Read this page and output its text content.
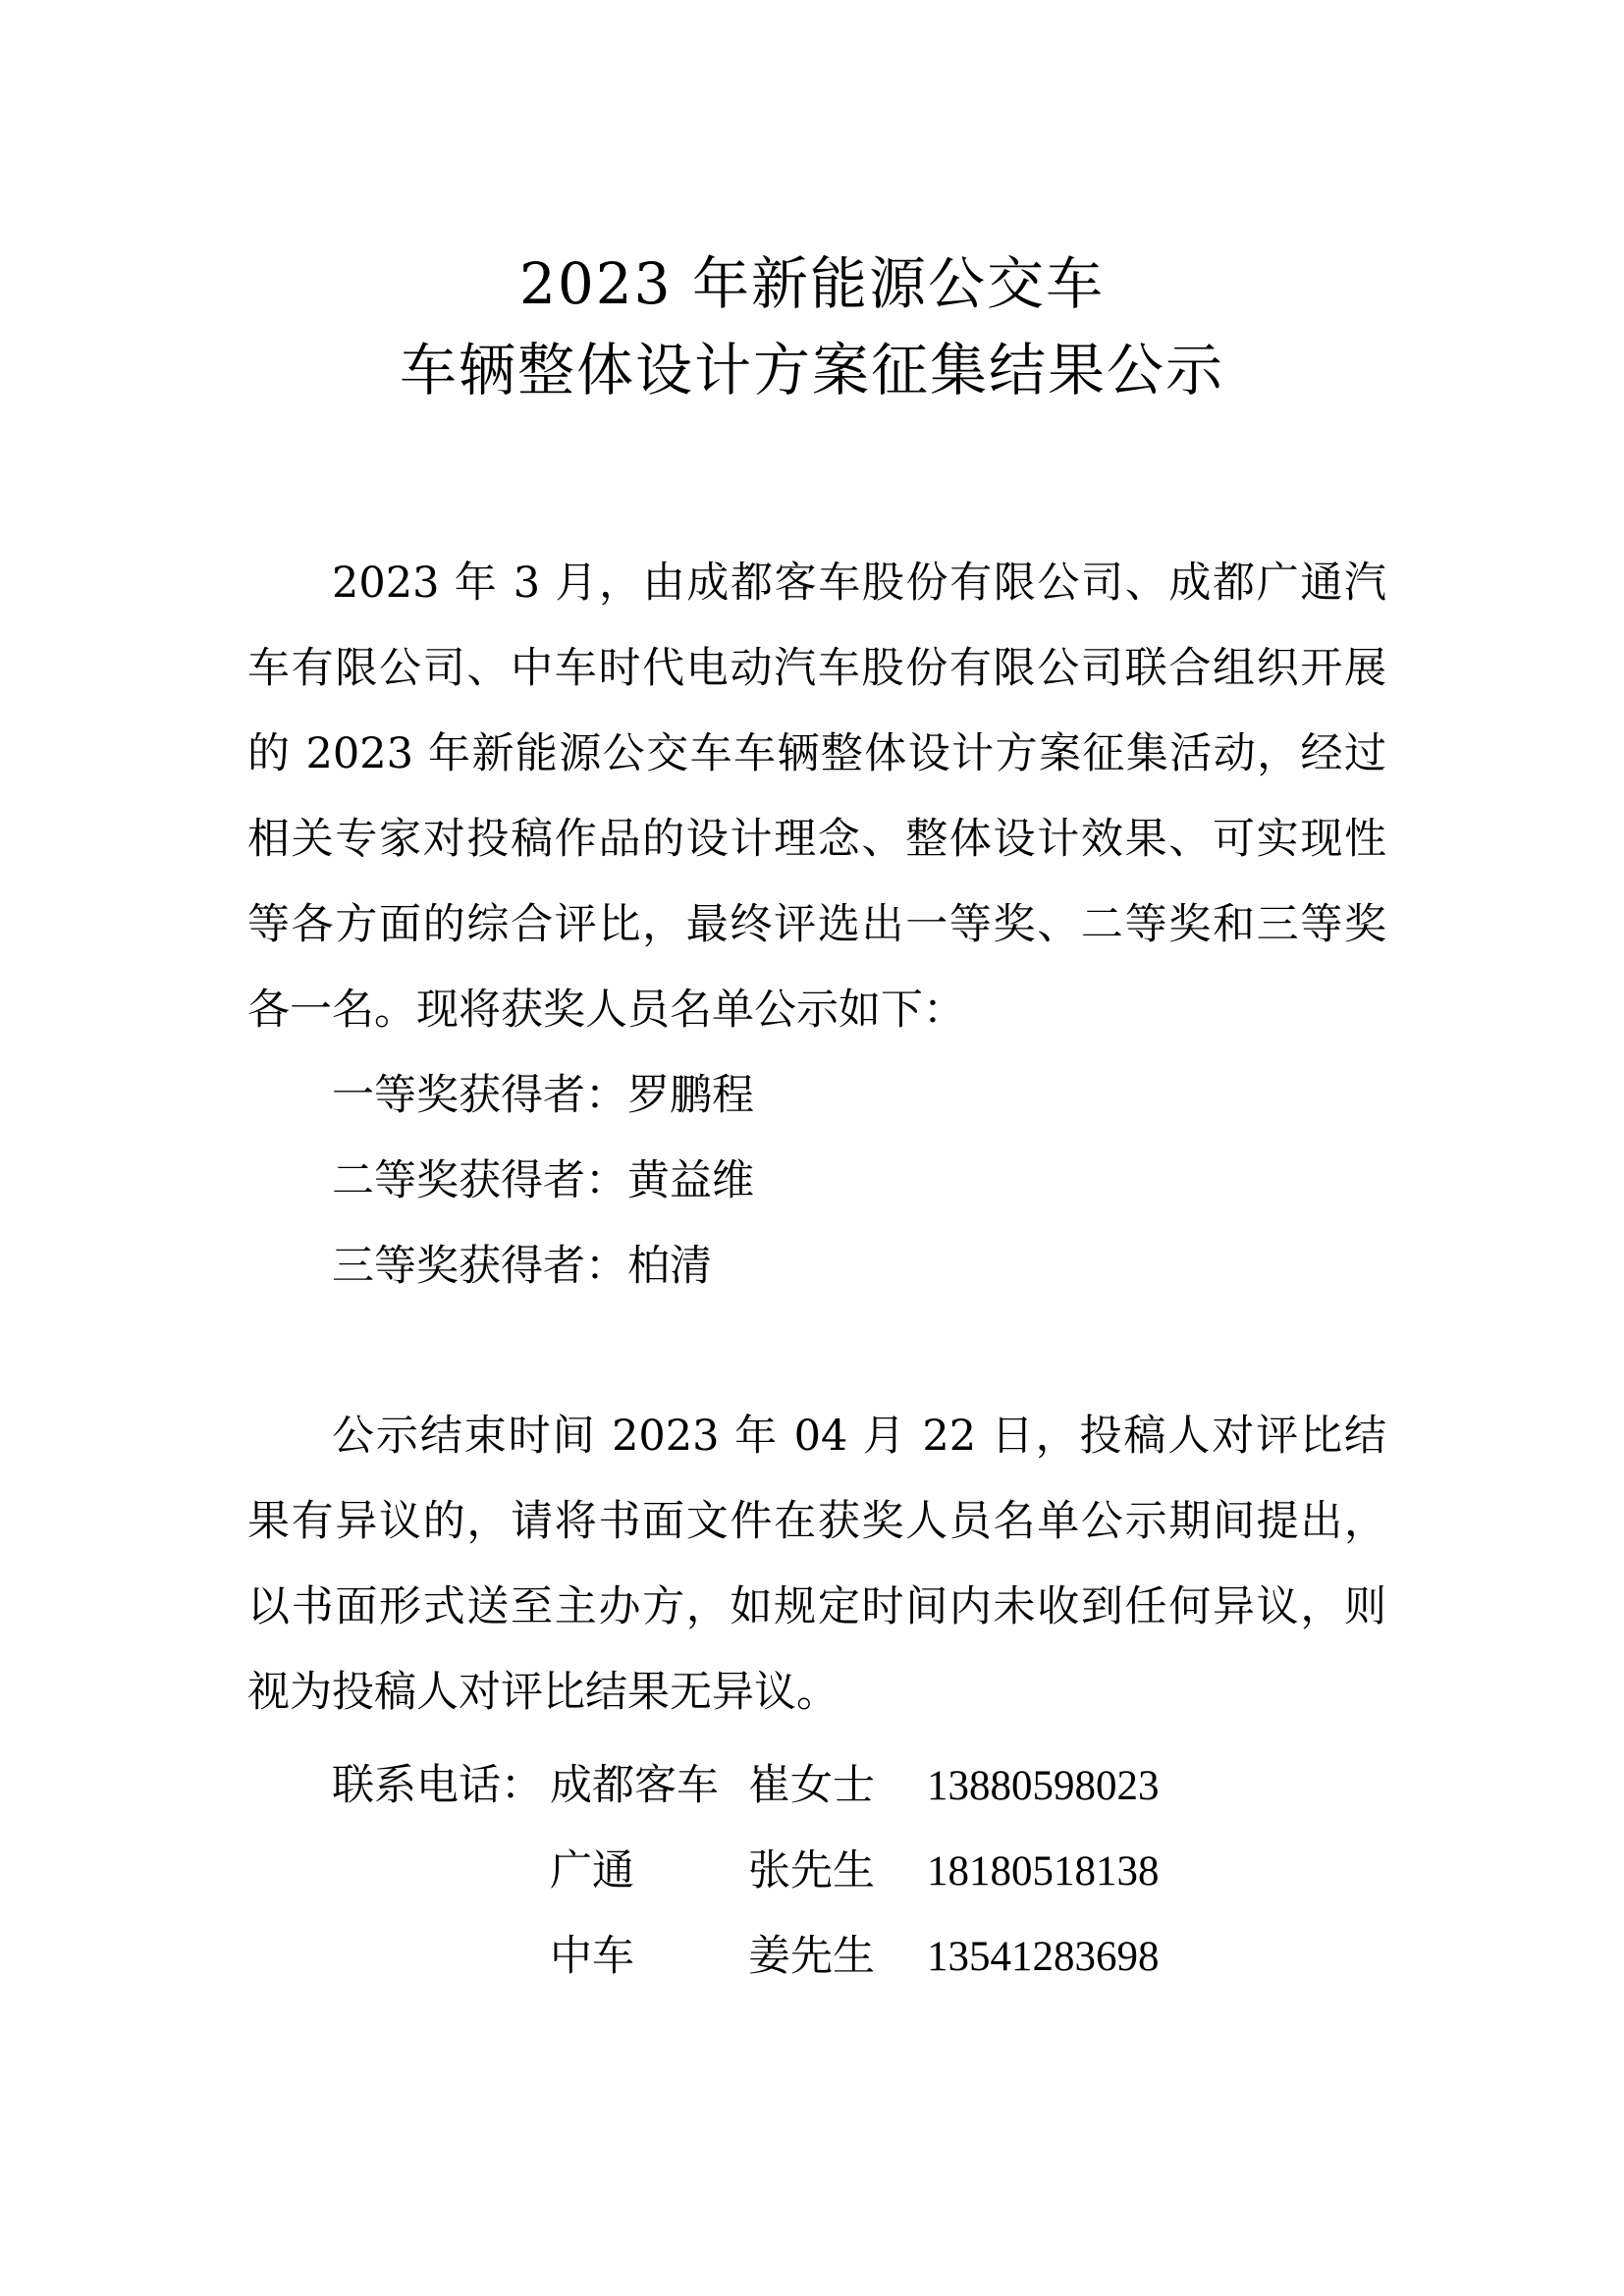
2023 年新能源公交车
车辆整体设计方案征集结果公示

2023 年 3 月，由成都客车股份有限公司、成都广通汽车有限公司、中车时代电动汽车股份有限公司联合组织开展的 2023 年新能源公交车车辆整体设计方案征集活动，经过相关专家对投稿作品的设计理念、整体设计效果、可实现性等各方面的综合评比，最终评选出一等奖、二等奖和三等奖各一名。现将获奖人员名单公示如下：

一等奖获得者：罗鹏程
二等奖获得者：黄益维
三等奖获得者：柏清

公示结束时间 2023 年 04 月 22 日，投稿人对评比结果有异议的，请将书面文件在获奖人员名单公示期间提出，以书面形式送至主办方，如规定时间内未收到任何异议，则视为投稿人对评比结果无异议。

联系电话： 成都客车 崔女士 13880598023
广通	张先生 18180518138
中车	姜先生 13541283698
